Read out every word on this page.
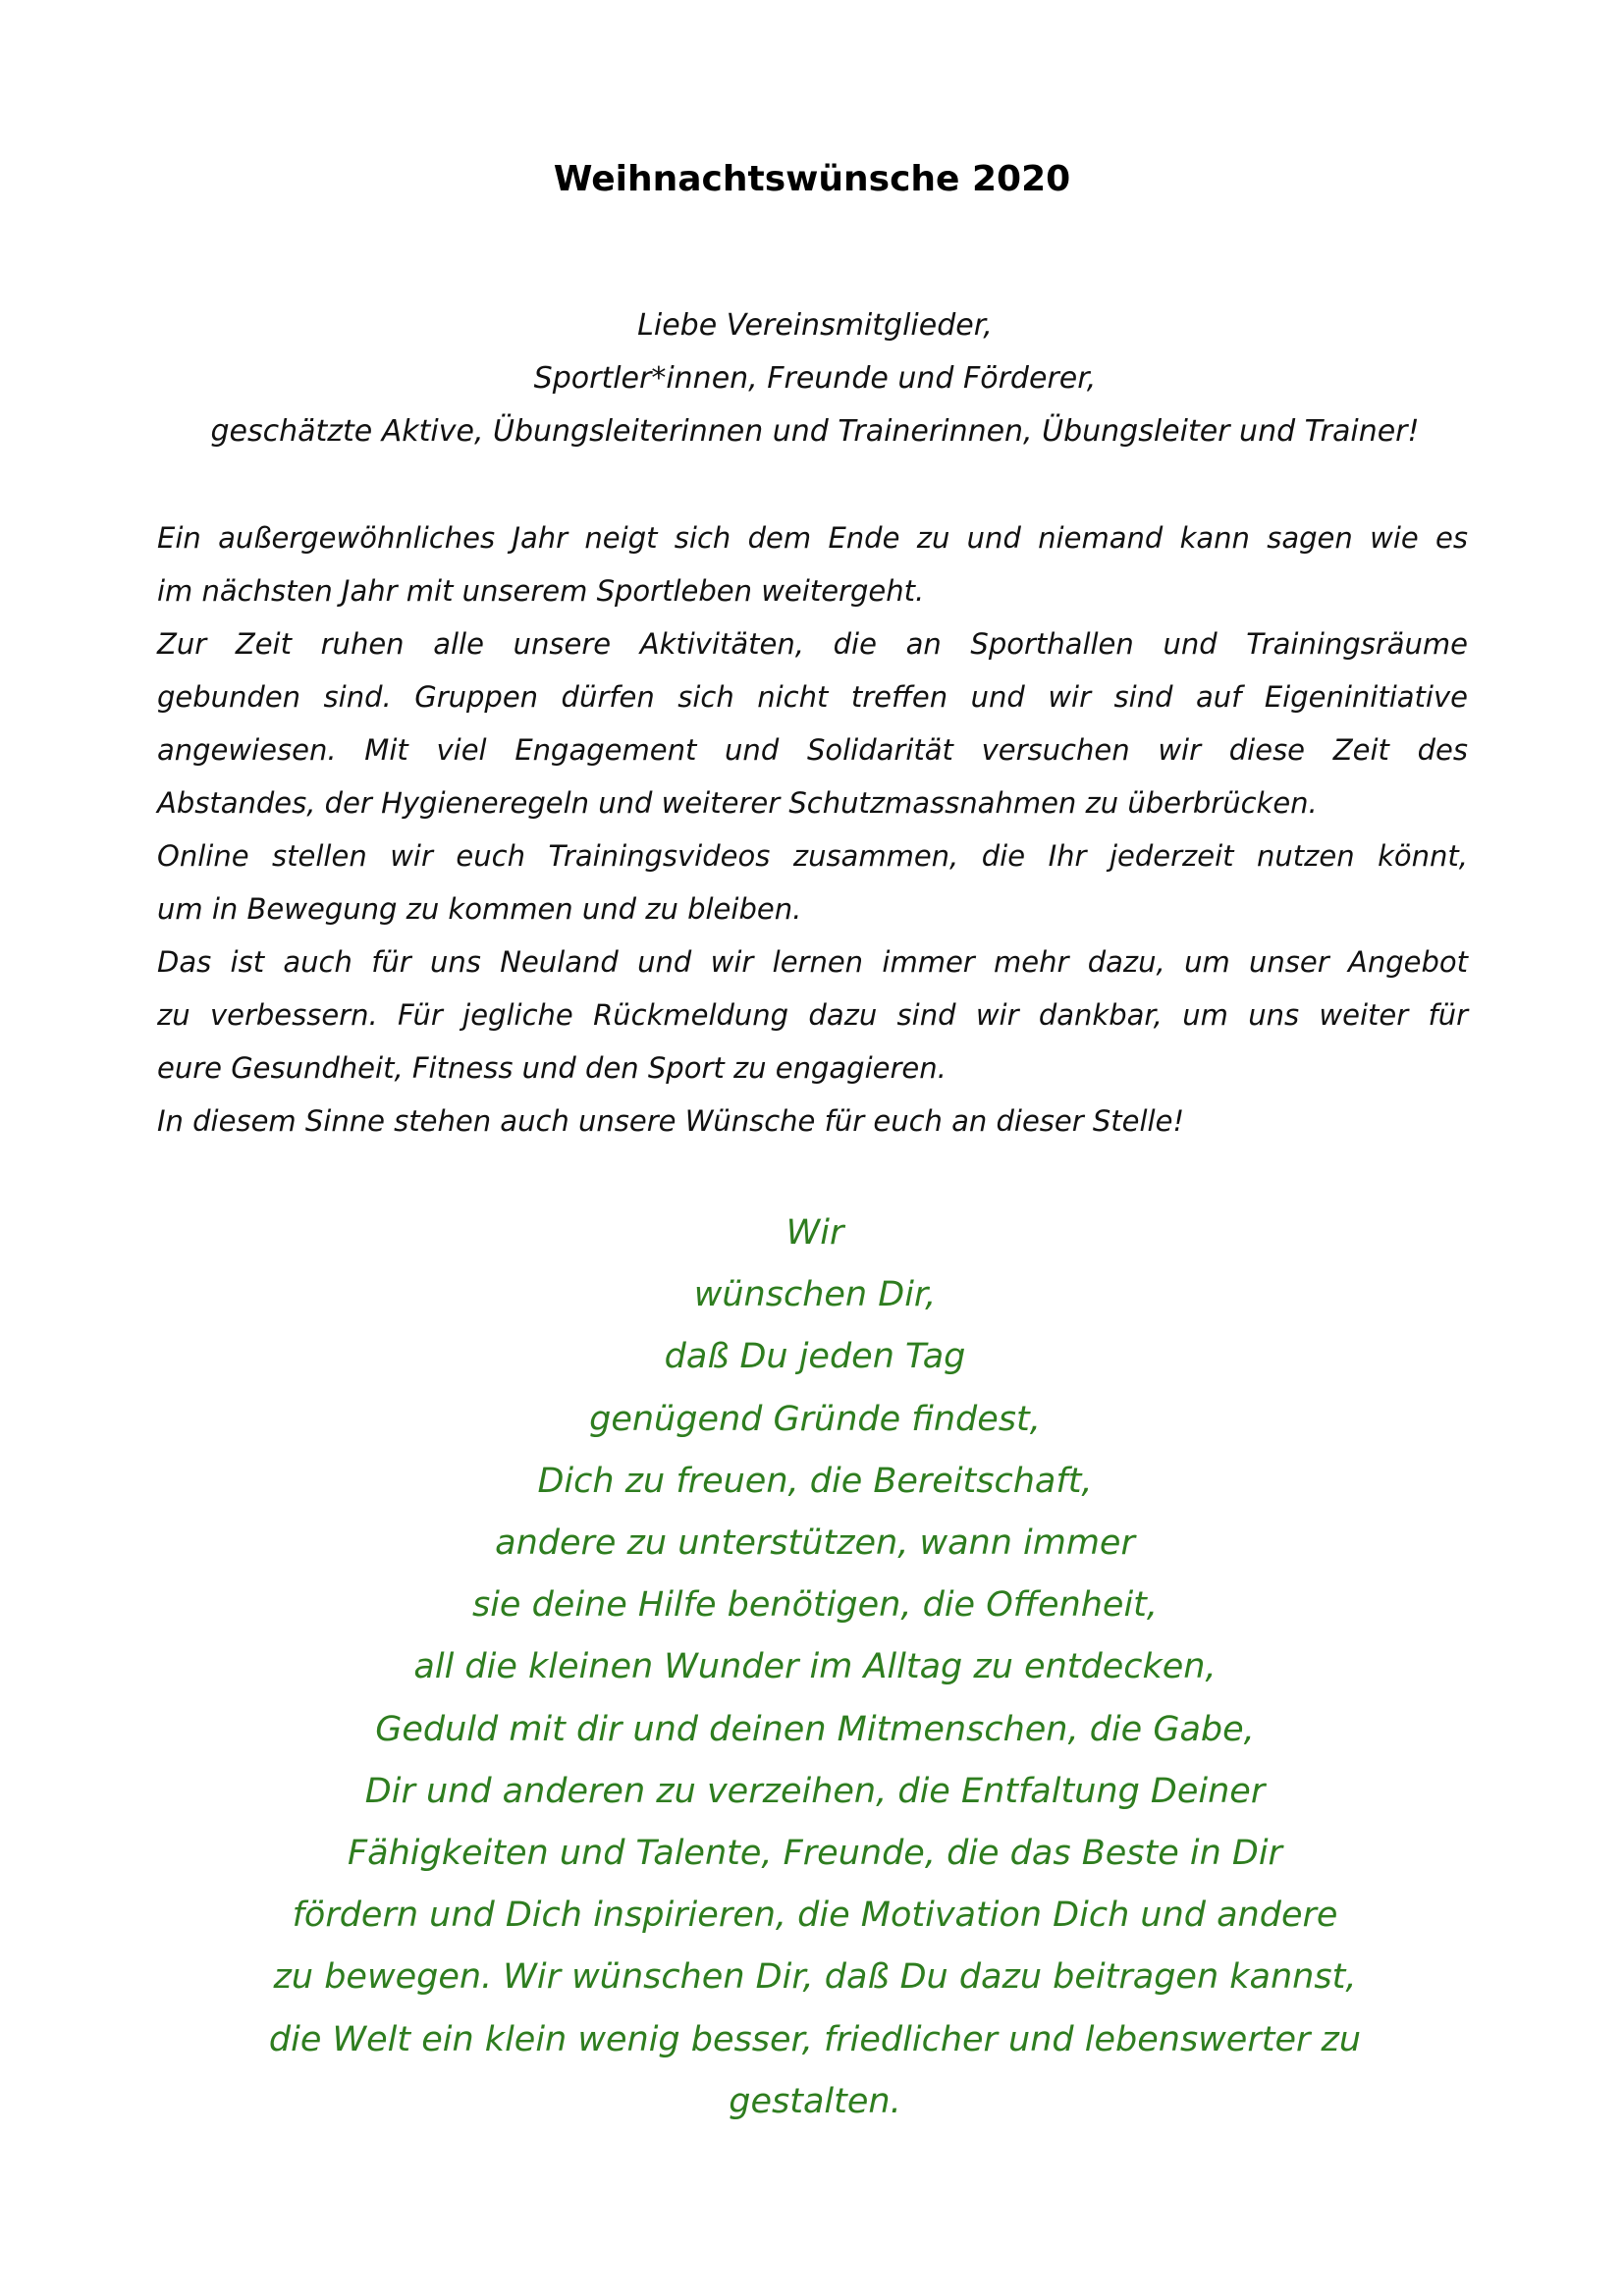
Weihnachtswünsche 2020
Liebe Vereinsmitglieder,
Sportler*innen, Freunde und Förderer,
geschätzte Aktive, Übungsleiterinnen und Trainerinnen, Übungsleiter und Trainer!
Ein außergewöhnliches Jahr neigt sich dem Ende zu und niemand kann sagen wie es
im nächsten Jahr mit unserem Sportleben weitergeht.
Zur Zeit ruhen alle unsere Aktivitäten, die an Sporthallen und Trainingsräume
gebunden sind. Gruppen dürfen sich nicht treffen und wir sind auf Eigeninitiative
angewiesen. Mit viel Engagement und Solidarität versuchen wir diese Zeit des
Abstandes, der Hygieneregeln und weiterer Schutzmassnahmen zu überbrücken.
Online stellen wir euch Trainingsvideos zusammen, die Ihr jederzeit nutzen könnt,
um in Bewegung zu kommen und zu bleiben.
Das ist auch für uns Neuland und wir lernen immer mehr dazu, um unser Angebot
zu verbessern. Für jegliche Rückmeldung dazu sind wir dankbar, um uns weiter für
eure Gesundheit, Fitness und den Sport zu engagieren.
In diesem Sinne stehen auch unsere Wünsche für euch an dieser Stelle!
Wir
wünschen Dir,
daß Du jeden Tag
genügend Gründe findest,
Dich zu freuen, die Bereitschaft,
andere zu unterstützen, wann immer
sie deine Hilfe benötigen, die Offenheit,
all die kleinen Wunder im Alltag zu entdecken,
Geduld mit dir und deinen Mitmenschen, die Gabe,
Dir und anderen zu verzeihen, die Entfaltung Deiner
Fähigkeiten und Talente, Freunde, die das Beste in Dir
fördern und Dich inspirieren, die Motivation Dich und andere
zu bewegen. Wir wünschen Dir, daß Du dazu beitragen kannst,
die Welt ein klein wenig besser, friedlicher und lebenswerter zu
gestalten.
